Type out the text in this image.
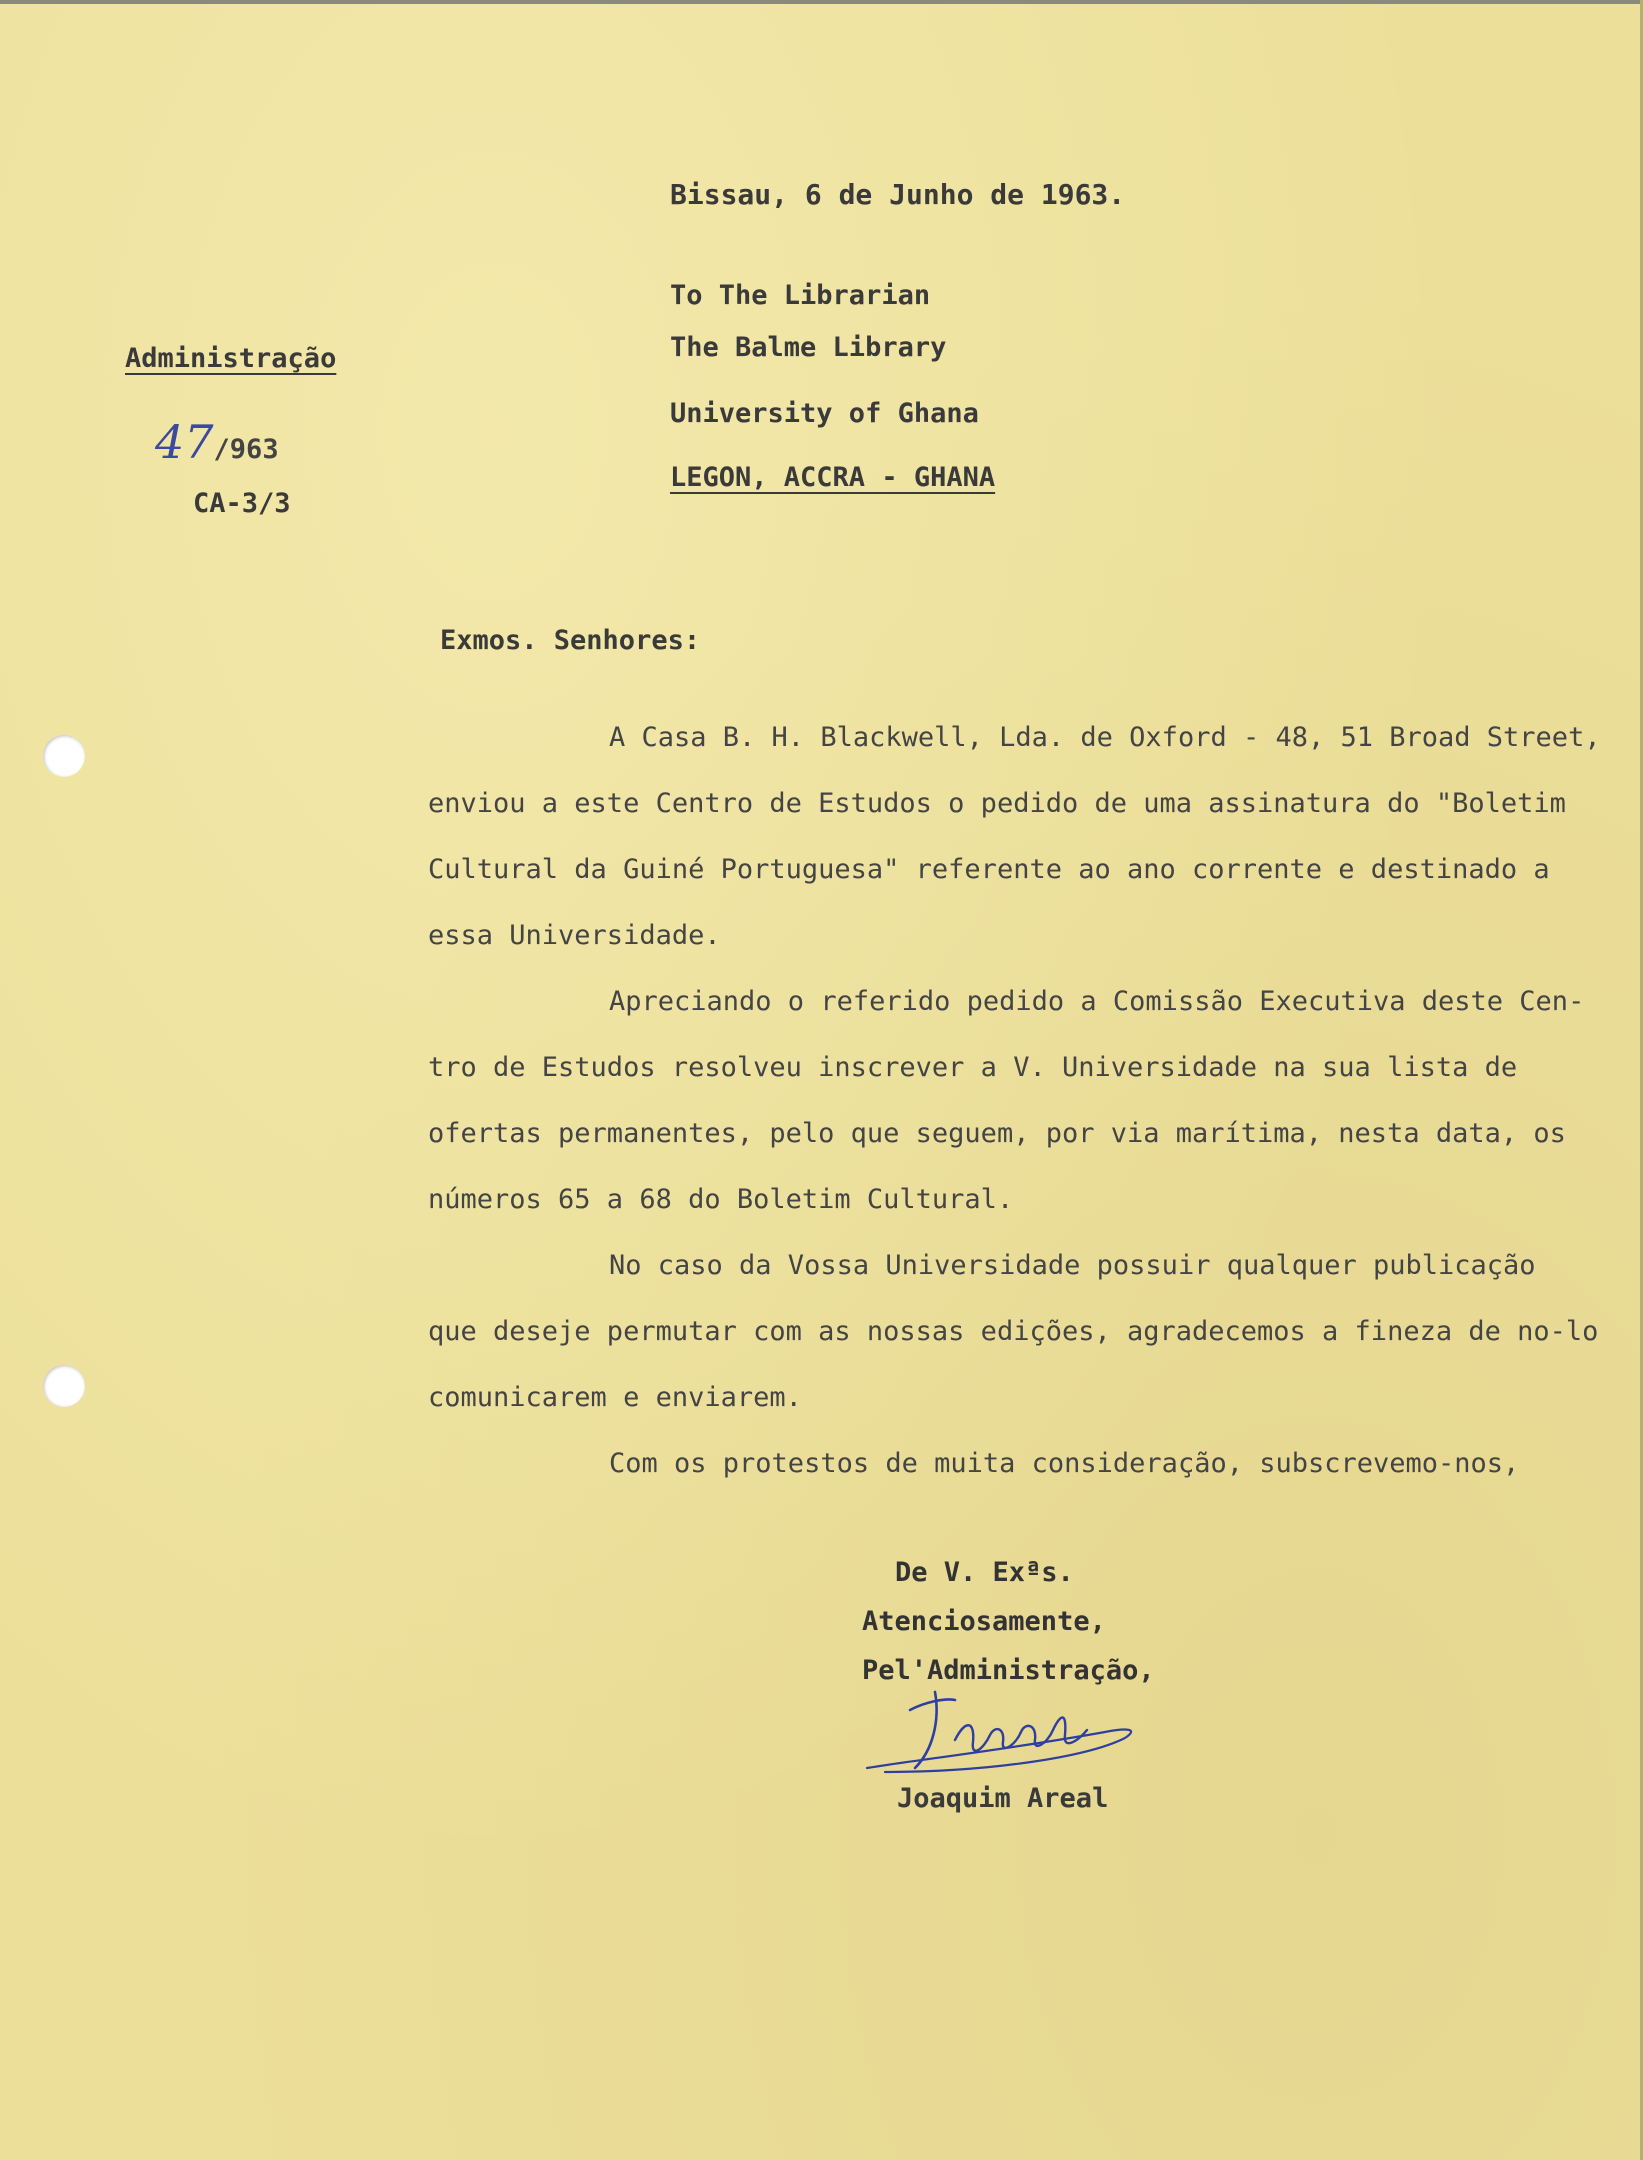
Bissau, 6 de Junho de 1963.
To The Librarian
The Balme Library
University of Ghana
LEGON, ACCRA - GHANA
Administração
47/963
CA-3/3
Exmos. Senhores:
A Casa B. H. Blackwell, Lda. de Oxford - 48, 51 Broad Street,
enviou a este Centro de Estudos o pedido de uma assinatura do "Boletim
Cultural da Guiné Portuguesa" referente ao ano corrente e destinado a
essa Universidade.
Apreciando o referido pedido a Comissão Executiva deste Cen-
tro de Estudos resolveu inscrever a V. Universidade na sua lista de
ofertas permanentes, pelo que seguem, por via marítima, nesta data, os
números 65 a 68 do Boletim Cultural.
No caso da Vossa Universidade possuir qualquer publicação
que deseje permutar com as nossas edições, agradecemos a fineza de no-lo
comunicarem e enviarem.
Com os protestos de muita consideração, subscrevemo-nos,
De V. Exªs.
Atenciosamente,
Pel'Administração,
Joaquim Areal
